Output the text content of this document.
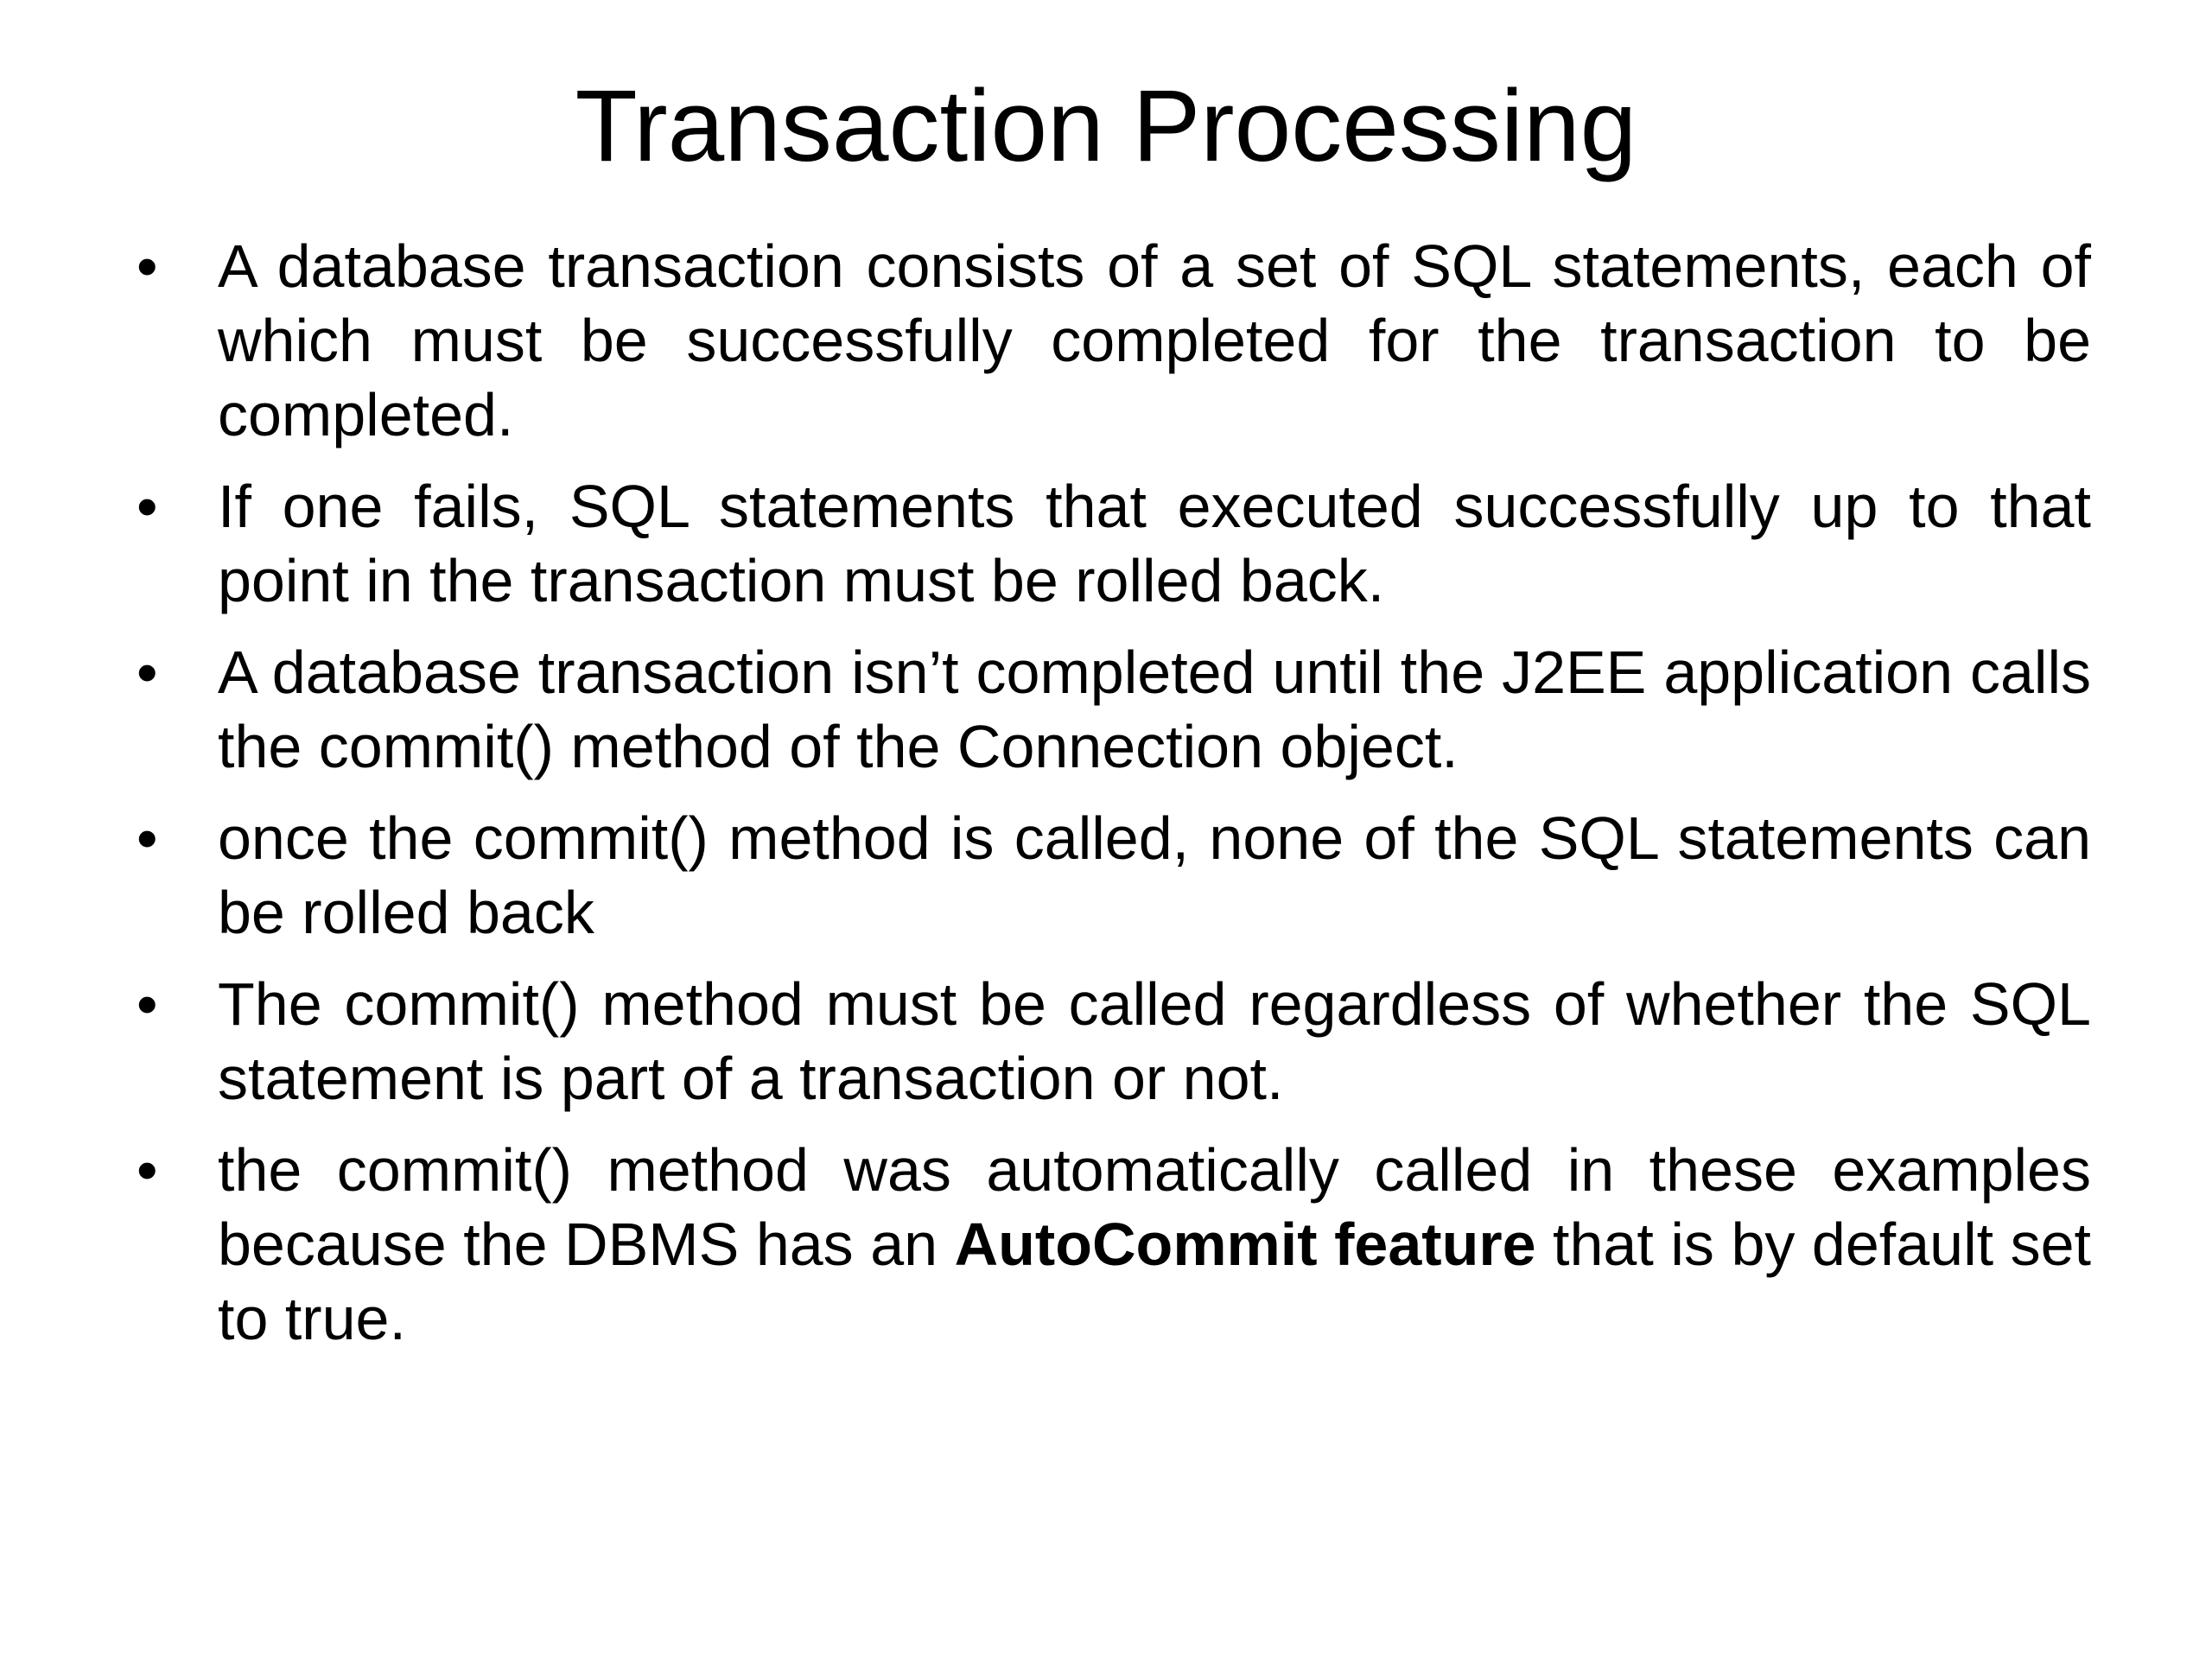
Transaction Processing
• A database transaction consists of a set of SQL statements, each of which must be successfully completed for the transaction to be completed.
• If one fails, SQL statements that executed successfully up to that point in the transaction must be rolled back.
• A database transaction isn’t completed until the J2EE application calls the commit() method of the Connection object.
• once the commit() method is called, none of the SQL statements can be rolled back
• The commit() method must be called regardless of whether the SQL statement is part of a transaction or not.
• the commit() method was automatically called in these examples because the DBMS has an AutoCommit feature that is by default set to true.
